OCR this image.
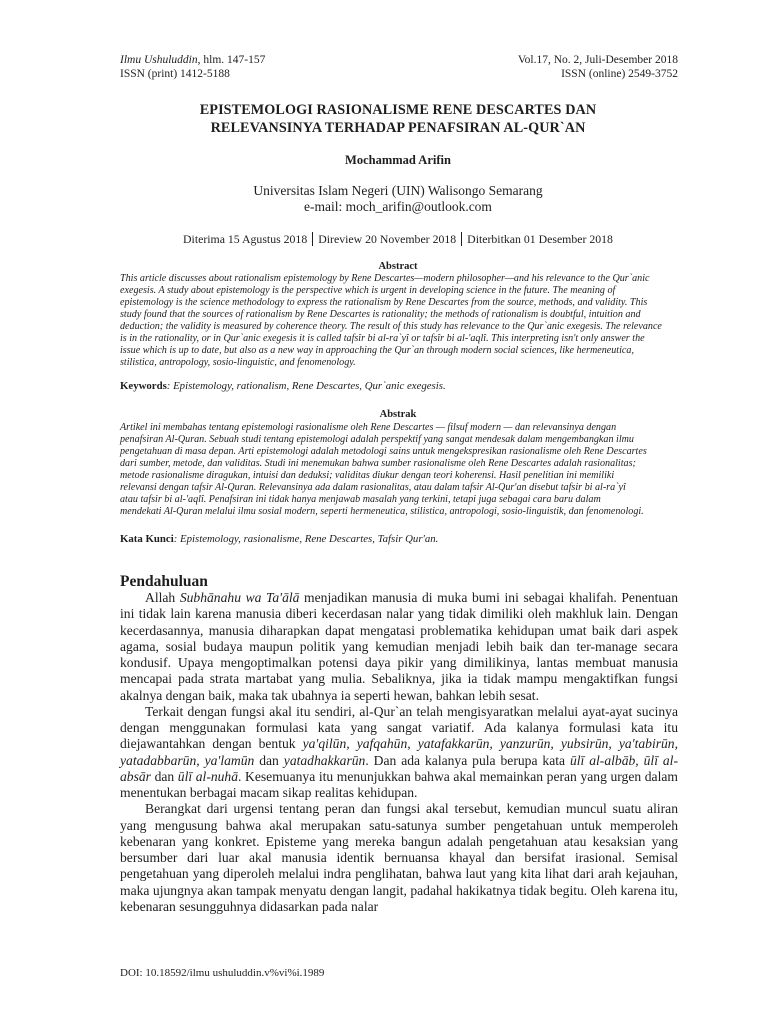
Ilmu Ushuluddin, hlm. 147-157
ISSN (print) 1412-5188
Vol.17, No. 2, Juli-Desember 2018
ISSN (online) 2549-3752
EPISTEMOLOGI RASIONALISME RENE DESCARTES DAN
RELEVANSINYA TERHADAP PENAFSIRAN AL-QUR`AN
Mochammad Arifin
Universitas Islam Negeri (UIN) Walisongo Semarang
e-mail: moch_arifin@outlook.com
Diterima 15 Agustus 2018 Direview 20 November 2018 Diterbitkan 01 Desember 2018
Abstract
This article discusses about rationalism epistemology by Rene Descartes—modern philosopher—and his relevance to the Qur`anic
exegesis. A study about epistemology is the perspective which is urgent in developing science in the future. The meaning of
epistemology is the science methodology to express the rationalism by Rene Descartes from the source, methods, and validity. This
study found that the sources of rationalism by Rene Descartes is rationality; the methods of rationalism is doubtful, intuition and
deduction; the validity is measured by coherence theory. The result of this study has relevance to the Qur`anic exegesis. The relevance
is in the rationality, or in Qur`anic exegesis it is called tafsîr bi al-ra`yî or tafsîr bi al-'aqlî. This interpreting isn't only answer the
issue which is up to date, but also as a new way in approaching the Qur`an through modern social sciences, like hermeneutica,
stilistica, antropology, sosio-linguistic, and fenomenology.
Keywords: Epistemology, rationalism, Rene Descartes, Qur`anic exegesis.
Abstrak
Artikel ini membahas tentang epistemologi rasionalisme oleh Rene Descartes — filsuf modern — dan relevansinya dengan
penafsiran Al-Quran. Sebuah studi tentang epistemologi adalah perspektif yang sangat mendesak dalam mengembangkan ilmu
pengetahuan di masa depan. Arti epistemologi adalah metodologi sains untuk mengekspresikan rasionalisme oleh Rene Descartes
dari sumber, metode, dan validitas. Studi ini menemukan bahwa sumber rasionalisme oleh Rene Descartes adalah rasionalitas;
metode rasionalisme diragukan, intuisi dan deduksi; validitas diukur dengan teori koherensi. Hasil penelitian ini memiliki
relevansi dengan tafsir Al-Quran. Relevansinya ada dalam rasionalitas, atau dalam tafsir Al-Qur'an disebut tafsir bi al-ra`yî
atau tafsir bi al-'aqlî. Penafsiran ini tidak hanya menjawab masalah yang terkini, tetapi juga sebagai cara baru dalam
mendekati Al-Quran melalui ilmu sosial modern, seperti hermeneutica, stilistica, antropologi, sosio-linguistik, dan fenomenologi.
Kata Kunci: Epistemology, rasionalisme, Rene Descartes, Tafsir Qur'an.
Pendahuluan

Allah Subhānahu wa Ta'ālā menjadikan manusia di muka bumi ini sebagai khalifah. Penentuan ini tidak lain karena manusia diberi kecerdasan nalar yang tidak dimiliki oleh makhluk lain. Dengan kecerdasannya, manusia diharapkan dapat mengatasi problematika kehidupan umat baik dari aspek agama, sosial budaya maupun politik yang kemudian menjadi lebih baik dan ter-manage secara kondusif. Upaya mengoptimalkan potensi daya pikir yang dimilikinya, lantas membuat manusia mencapai pada strata martabat yang mulia. Sebaliknya, jika ia tidak mampu mengaktifkan fungsi akalnya dengan baik, maka tak ubahnya ia seperti hewan, bahkan lebih sesat.

Terkait dengan fungsi akal itu sendiri, al-Qur`an telah mengisyaratkan melalui ayat-ayat sucinya dengan menggunakan formulasi kata yang sangat variatif. Ada kalanya formulasi kata itu diejawantahkan dengan bentuk ya'qilūn, yafqahūn, yatafakkarūn, yanzurūn, yubsirūn, ya'tabirūn, yatadabbarūn, ya'lamūn dan yatadhakkarūn. Dan ada kalanya pula berupa kata ūlī al-albāb, ūlī al-absār dan ūlī al-nuhā. Kesemuanya itu menunjukkan bahwa akal memainkan peran yang urgen dalam menentukan berbagai macam sikap realitas kehidupan.

Berangkat dari urgensi tentang peran dan fungsi akal tersebut, kemudian muncul suatu aliran yang mengusung bahwa akal merupakan satu-satunya sumber pengetahuan untuk memperoleh kebenaran yang konkret. Episteme yang mereka bangun adalah pengetahuan atau kesaksian yang bersumber dari luar akal manusia identik bernuansa khayal dan bersifat irasional. Semisal pengetahuan yang diperoleh melalui indra penglihatan, bahwa laut yang kita lihat dari arah kejauhan, maka ujungnya akan tampak menyatu dengan langit, padahal hakikatnya tidak begitu. Oleh karena itu, kebenaran sesungguhnya didasarkan pada nalar

DOI: 10.18592/ilmu ushuluddin.v%vi%i.1989
